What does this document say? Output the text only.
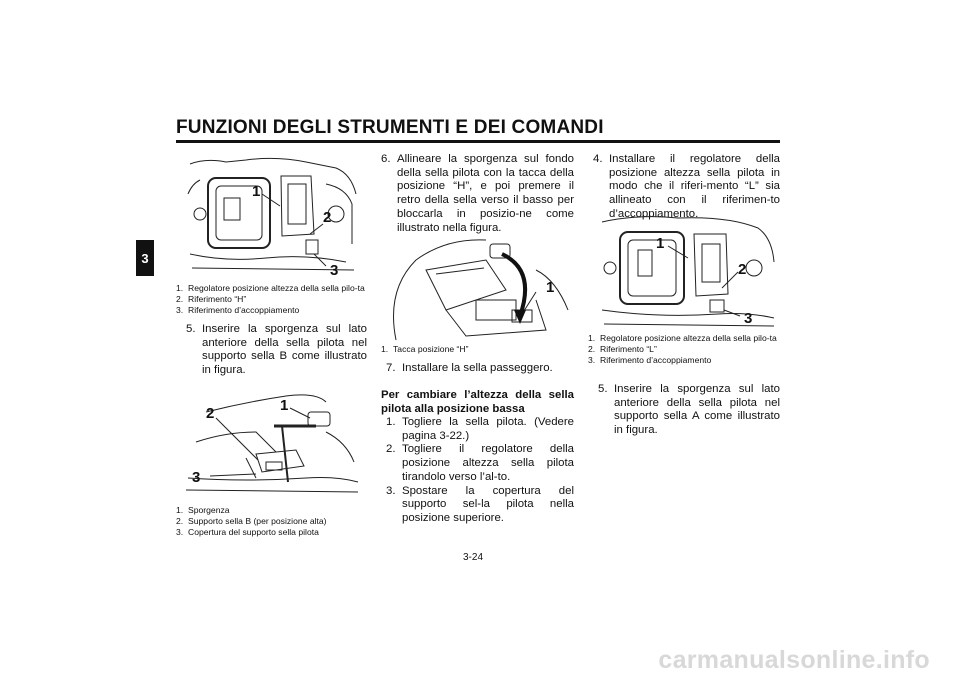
FUNZIONI DEGLI STRUMENTI E DEI COMANDI
3
1
2
3
1. Regolatore posizione altezza della sella pilo-ta
2. Riferimento “H”
3. Riferimento d’accoppiamento
5. Inserire la sporgenza sul lato anteriore della sella pilota nel supporto sella B come illustrato in figura.
1
2
3
1. Sporgenza
2. Supporto sella B (per posizione alta)
3. Copertura del supporto sella pilota
6. Allineare la sporgenza sul fondo della sella pilota con la tacca della posizione “H”, e poi premere il retro della sella verso il basso per bloccarla in posizio-ne come illustrato nella figura.
1
1. Tacca posizione “H”
7. Installare la sella passeggero.
Per cambiare l’altezza della sella pilota alla posizione bassa
1. Togliere la sella pilota. (Vedere pagina 3-22.)
2. Togliere il regolatore della posizione altezza sella pilota tirandolo verso l’al-to.
3. Spostare la copertura del supporto sel-la pilota nella posizione superiore.
4. Installare il regolatore della posizione altezza sella pilota in modo che il riferi-mento “L” sia allineato con il riferimen-to d’accoppiamento.
1
2
3
1. Regolatore posizione altezza della sella pilo-ta
2. Riferimento “L”
3. Riferimento d’accoppiamento
5. Inserire la sporgenza sul lato anteriore della sella pilota nel supporto sella A come illustrato in figura.
3-24
carmanualsonline.info
